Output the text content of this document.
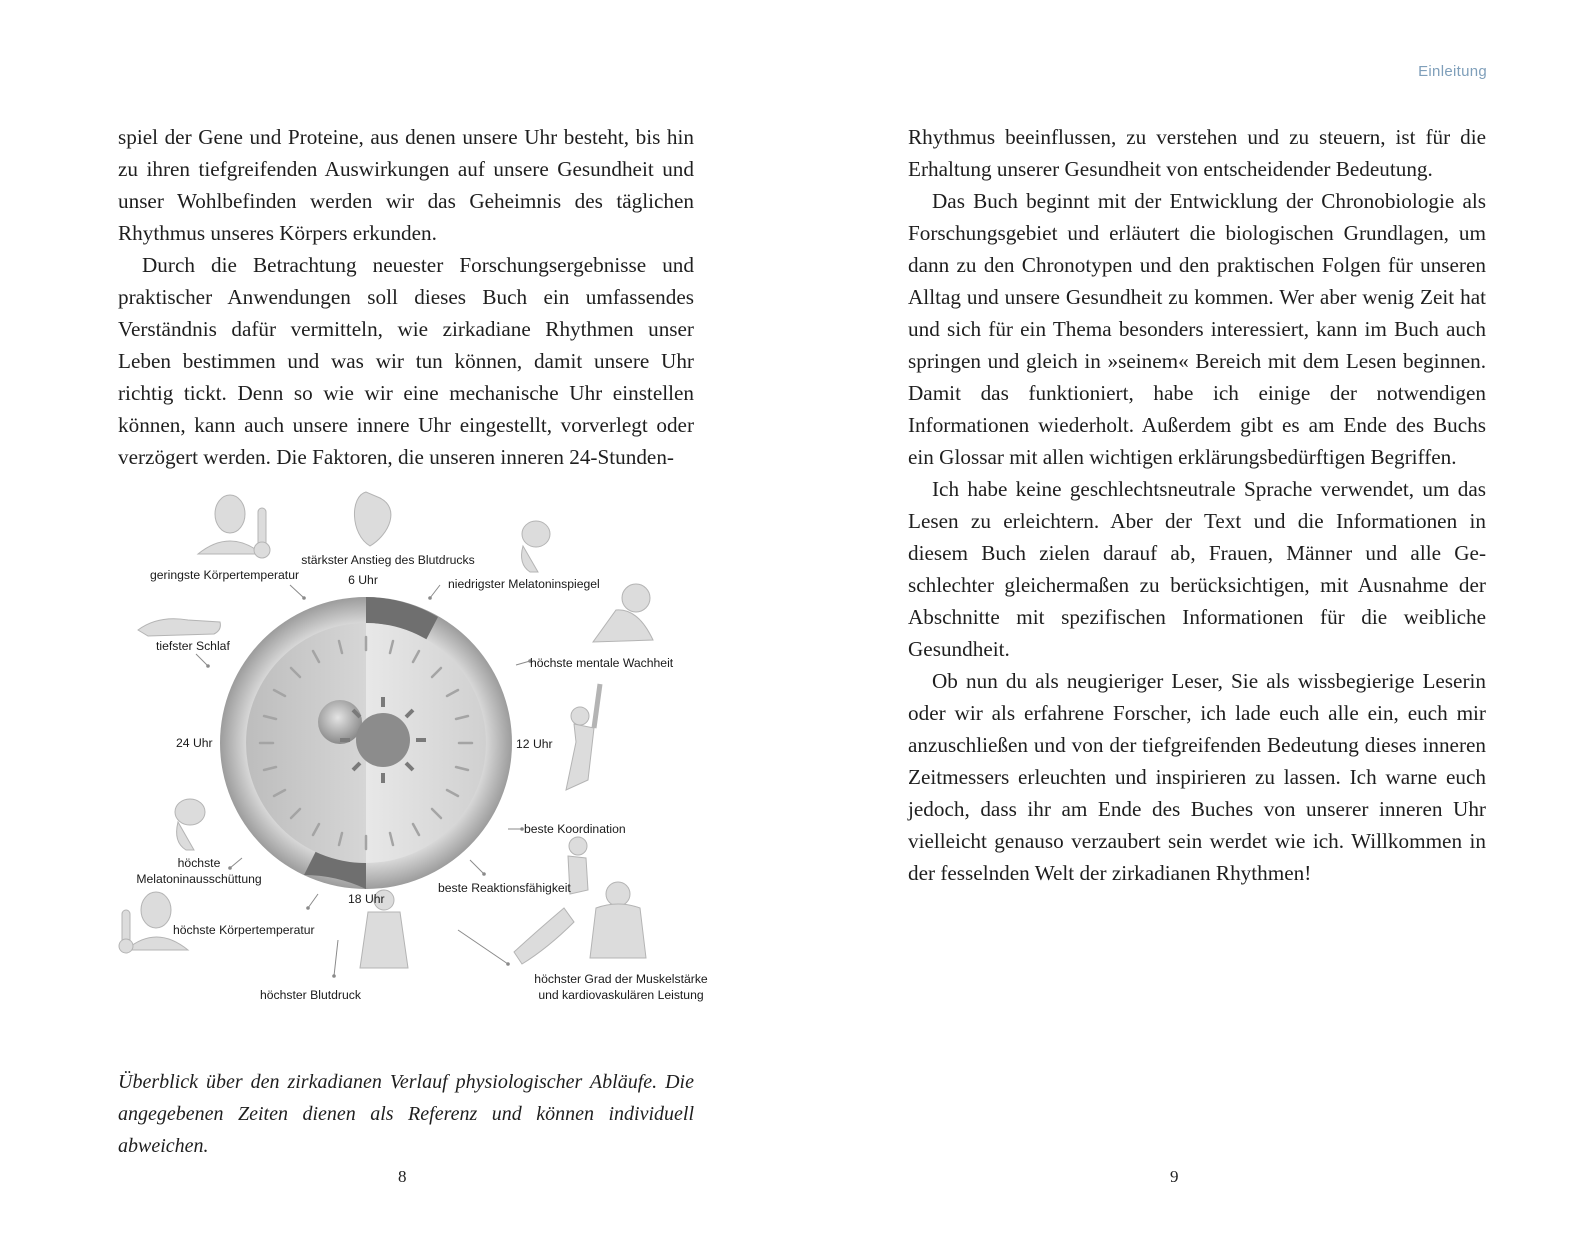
spiel der Gene und Proteine, aus denen unsere Uhr besteht, bis hin zu ihren tiefgreifenden Auswirkungen auf unsere Gesundheit und unser Wohlbefinden werden wir das Geheimnis des täglichen Rhythmus unseres Körpers erkunden.

Durch die Betrachtung neuester Forschungsergebnisse und praktischer Anwendungen soll dieses Buch ein umfassendes Verständnis dafür vermitteln, wie zirkadiane Rhythmen unser Leben bestimmen und was wir tun können, damit unsere Uhr richtig tickt. Denn so wie wir eine mechanische Uhr einstellen können, kann auch unsere innere Uhr eingestellt, vorverlegt oder verzögert werden. Die Faktoren, die unseren inneren 24-Stunden-

stärkster Anstieg des Blutdrucks
6 Uhr
geringste Körpertemperatur
niedrigster Melatoninspiegel
tiefster Schlaf
höchste mentale Wachheit
24 Uhr	12 Uhr
beste Koordination
höchste
Melatoninausschüttung
beste Reaktionsfähigkeit
18 Uhr
höchste Körpertemperatur
höchster Grad der Muskelstärke
und kardiovaskulären Leistung
höchster Blutdruck
Überblick über den zirkadianen Verlauf physiologischer Abläufe. Die angegebenen Zeiten dienen als Referenz und können individuell abweichen.
8
Einleitung

Rhythmus beeinflussen, zu verstehen und zu steuern, ist für die Erhaltung unserer Gesundheit von entscheidender Bedeutung.

Das Buch beginnt mit der Entwicklung der Chronobiologie als Forschungsgebiet und erläutert die biologischen Grundlagen, um dann zu den Chronotypen und den praktischen Folgen für unseren Alltag und unsere Gesundheit zu kommen. Wer aber wenig Zeit hat und sich für ein Thema besonders interessiert, kann im Buch auch springen und gleich in »seinem« Bereich mit dem Lesen beginnen. Damit das funktioniert, habe ich einige der notwendigen Informationen wiederholt. Außerdem gibt es am Ende des Buchs ein Glossar mit allen wichtigen erklärungsbedürftigen Begriffen.

Ich habe keine geschlechtsneutrale Sprache verwendet, um das Lesen zu erleichtern. Aber der Text und die Informationen in diesem Buch zielen darauf ab, Frauen, Männer und alle Geschlechter gleichermaßen zu berücksichtigen, mit Ausnahme der Abschnitte mit spezifischen Informationen für die weibliche Gesundheit.

Ob nun du als neugieriger Leser, Sie als wissbegierige Leserin oder wir als erfahrene Forscher, ich lade euch alle ein, euch mir anzuschließen und von der tiefgreifenden Bedeutung dieses inneren Zeitmessers erleuchten und inspirieren zu lassen. Ich warne euch jedoch, dass ihr am Ende des Buches von unserer inneren Uhr vielleicht genauso verzaubert sein werdet wie ich. Willkommen in der fesselnden Welt der zirkadianen Rhythmen!

9
